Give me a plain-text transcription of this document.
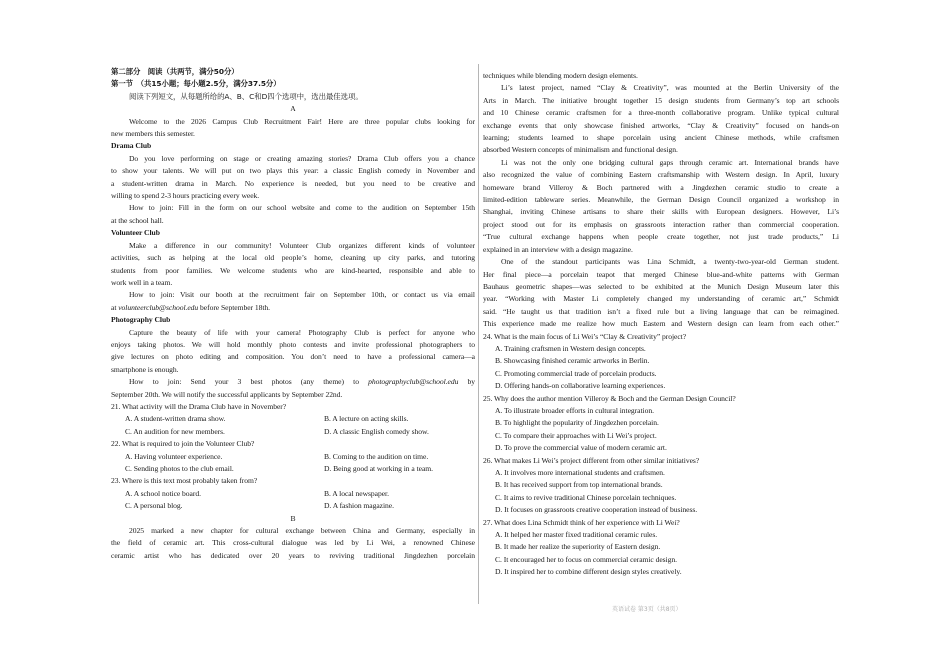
第二部分　阅读（共两节，满分50分）
第一节　（共15小题；每小题2.5分，满分37.5分）
阅读下列短文，从每题所给的A、B、C和D四个选项中，选出最佳选项。
A
Welcome to the 2026 Campus Club Recruitment Fair! Here are three popular clubs looking for
new members this semester.
Drama Club
Do you love performing on stage or creating amazing stories? Drama Club offers you a chance
to show your talents. We will put on two plays this year: a classic English comedy in November and
a student-written drama in March. No experience is needed, but you need to be creative and
willing to spend 2-3 hours practicing every week.
How to join: Fill in the form on our school website and come to the audition on September 15th
at the school hall.
Volunteer Club
Make a difference in our community! Volunteer Club organizes different kinds of volunteer
activities, such as helping at the local old people’s home, cleaning up city parks, and tutoring
students from poor families. We welcome students who are kind-hearted, responsible and able to
work well in a team.
How to join: Visit our booth at the recruitment fair on September 10th, or contact us via email
at volunteerclub@school.edu before September 18th.
Photography Club
Capture the beauty of life with your camera! Photography Club is perfect for anyone who
enjoys taking photos. We will hold monthly photo contests and invite professional photographers to
give lectures on photo editing and composition. You don’t need to have a professional camera—a
smartphone is enough.
How to join: Send your 3 best photos (any theme) to photographyclub@school.edu by
September 20th. We will notify the successful applicants by September 22nd.
21. What activity will the Drama Club have in November?
A. A student-written drama show.	B. A lecture on acting skills.
C. An audition for new members.	D. A classic English comedy show.
22. What is required to join the Volunteer Club?
A. Having volunteer experience.	B. Coming to the audition on time.
C. Sending photos to the club email.	D. Being good at working in a team.
23. Where is this text most probably taken from?
A. A school notice board.	B. A local newspaper.
C. A personal blog.	D. A fashion magazine.
B
2025 marked a new chapter for cultural exchange between China and Germany, especially in
the field of ceramic art. This cross-cultural dialogue was led by Li Wei, a renowned Chinese
ceramic artist who has dedicated over 20 years to reviving traditional Jingdezhen porcelain
techniques while blending modern design elements.
Li’s latest project, named “Clay & Creativity”, was mounted at the Berlin University of the
Arts in March. The initiative brought together 15 design students from Germany’s top art schools
and 10 Chinese ceramic craftsmen for a three-month collaborative program. Unlike typical cultural
exchange events that only showcase finished artworks, “Clay & Creativity” focused on hands-on
learning; students learned to shape porcelain using ancient Chinese methods, while craftsmen
absorbed Western concepts of minimalism and functional design.
Li was not the only one bridging cultural gaps through ceramic art. International brands have
also recognized the value of combining Eastern craftsmanship with Western design. In April, luxury
homeware brand Villeroy & Boch partnered with a Jingdezhen ceramic studio to create a
limited-edition tableware series. Meanwhile, the German Design Council organized a workshop in
Shanghai, inviting Chinese artisans to share their skills with European designers. However, Li’s
project stood out for its emphasis on grassroots interaction rather than commercial cooperation.
“True cultural exchange happens when people create together, not just trade products,” Li
explained in an interview with a design magazine.
One of the standout participants was Lina Schmidt, a twenty-two-year-old German student.
Her final piece—a porcelain teapot that merged Chinese blue-and-white patterns with German
Bauhaus geometric shapes—was selected to be exhibited at the Munich Design Museum later this
year. “Working with Master Li completely changed my understanding of ceramic art,” Schmidt
said. “He taught us that tradition isn’t a fixed rule but a living language that can be reimagined.
This experience made me realize how much Eastern and Western design can learn from each other.”
24. What is the main focus of Li Wei’s “Clay & Creativity” project?
A. Training craftsmen in Western design concepts.
B. Showcasing finished ceramic artworks in Berlin.
C. Promoting commercial trade of porcelain products.
D. Offering hands-on collaborative learning experiences.
25. Why does the author mention Villeroy & Boch and the German Design Council?
A. To illustrate broader efforts in cultural integration.
B. To highlight the popularity of Jingdezhen porcelain.
C. To compare their approaches with Li Wei’s project.
D. To prove the commercial value of modern ceramic art.
26. What makes Li Wei’s project different from other similar initiatives?
A. It involves more international students and craftsmen.
B. It has received support from top international brands.
C. It aims to revive traditional Chinese porcelain techniques.
D. It focuses on grassroots creative cooperation instead of business.
27. What does Lina Schmidt think of her experience with Li Wei?
A. It helped her master fixed traditional ceramic rules.
B. It made her realize the superiority of Eastern design.
C. It encouraged her to focus on commercial ceramic design.
D. It inspired her to combine different design styles creatively.
英语试卷 第3页（共8页）
